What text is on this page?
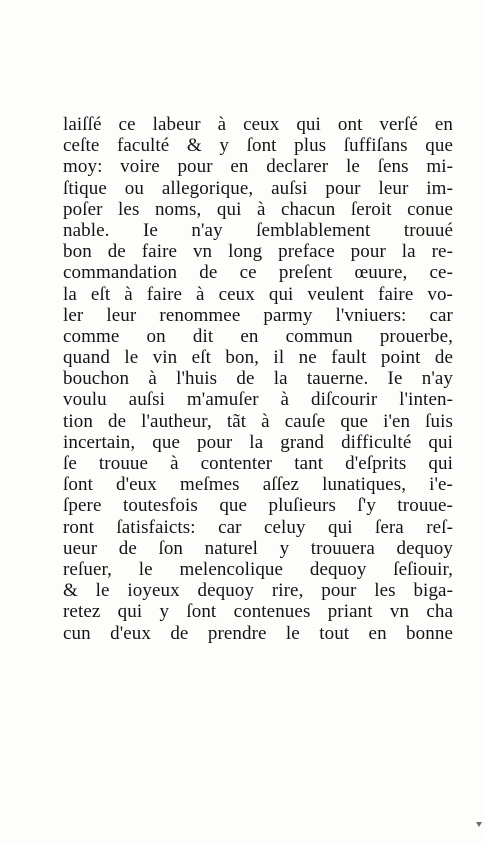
laiſſé ce labeur à ceux qui ont verſé en
ceſte faculté & y ſont plus ſuffiſans que
moy: voire pour en declarer le ſens mi-
ſtique ou allegorique, auſsi pour leur im-
poſer les noms, qui à chacun ſeroit conue
nable. Ie n'ay ſemblablement trouué
bon de faire vn long preface pour la re-
commandation de ce preſent œuure, ce-
la eſt à faire à ceux qui veulent faire vo-
ler leur renommee parmy l'vniuers: car
comme on dit en commun prouerbe,
quand le vin eſt bon, il ne fault point de
bouchon à l'huis de la tauerne. Ie n'ay
voulu auſsi m'amuſer à diſcourir l'inten-
tion de l'autheur, tãt à cauſe que i'en ſuis
incertain, que pour la grand difficulté qui
ſe trouue à contenter tant d'eſprits qui
ſont d'eux meſmes aſſez lunatiques, i'e-
ſpere toutesfois que pluſieurs ſ'y trouue-
ront ſatisfaicts: car celuy qui ſera reſ-
ueur de ſon naturel y trouuera dequoy
reſuer, le melencolique dequoy ſeſiouir,
& le ioyeux dequoy rire, pour les biga-
retez qui y ſont contenues priant vn cha
cun d'eux de prendre le tout en bonne
